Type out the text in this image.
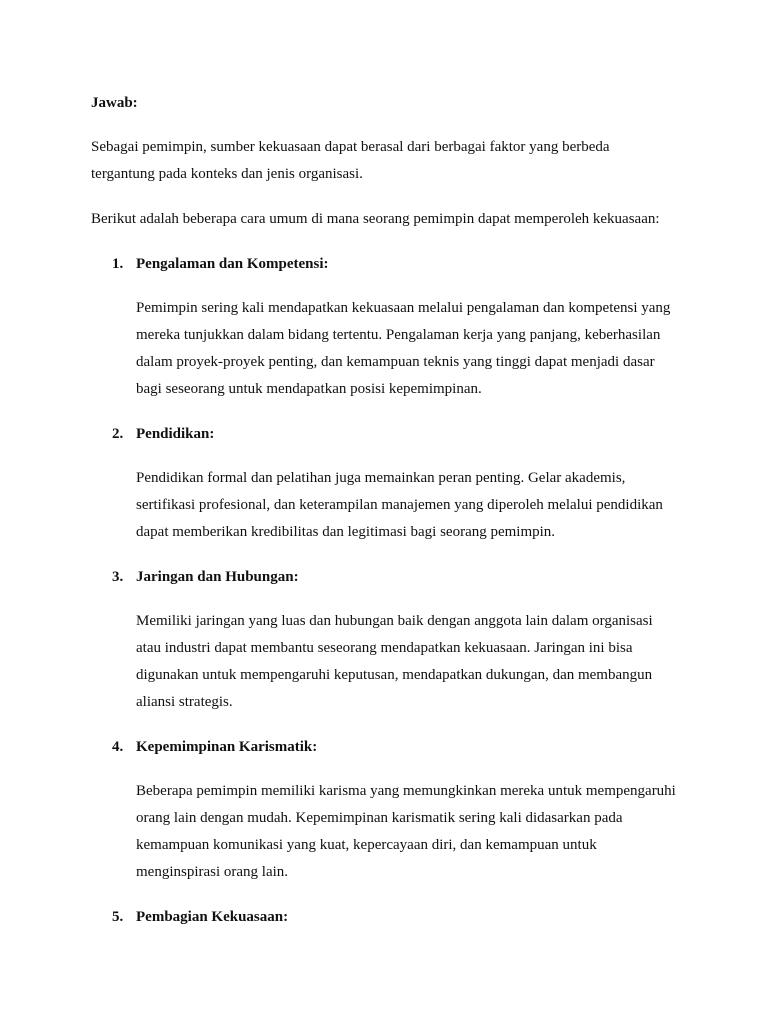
Jawab:
Sebagai pemimpin, sumber kekuasaan dapat berasal dari berbagai faktor yang berbeda
tergantung pada konteks dan jenis organisasi.
Berikut adalah beberapa cara umum di mana seorang pemimpin dapat memperoleh kekuasaan:
1. Pengalaman dan Kompetensi:
Pemimpin sering kali mendapatkan kekuasaan melalui pengalaman dan kompetensi yang
mereka tunjukkan dalam bidang tertentu. Pengalaman kerja yang panjang, keberhasilan
dalam proyek-proyek penting, dan kemampuan teknis yang tinggi dapat menjadi dasar
bagi seseorang untuk mendapatkan posisi kepemimpinan.
2. Pendidikan:
Pendidikan formal dan pelatihan juga memainkan peran penting. Gelar akademis,
sertifikasi profesional, dan keterampilan manajemen yang diperoleh melalui pendidikan
dapat memberikan kredibilitas dan legitimasi bagi seorang pemimpin.
3. Jaringan dan Hubungan:
Memiliki jaringan yang luas dan hubungan baik dengan anggota lain dalam organisasi
atau industri dapat membantu seseorang mendapatkan kekuasaan. Jaringan ini bisa
digunakan untuk mempengaruhi keputusan, mendapatkan dukungan, dan membangun
aliansi strategis.
4. Kepemimpinan Karismatik:
Beberapa pemimpin memiliki karisma yang memungkinkan mereka untuk mempengaruhi
orang lain dengan mudah. Kepemimpinan karismatik sering kali didasarkan pada
kemampuan komunikasi yang kuat, kepercayaan diri, dan kemampuan untuk
menginspirasi orang lain.
5. Pembagian Kekuasaan:
